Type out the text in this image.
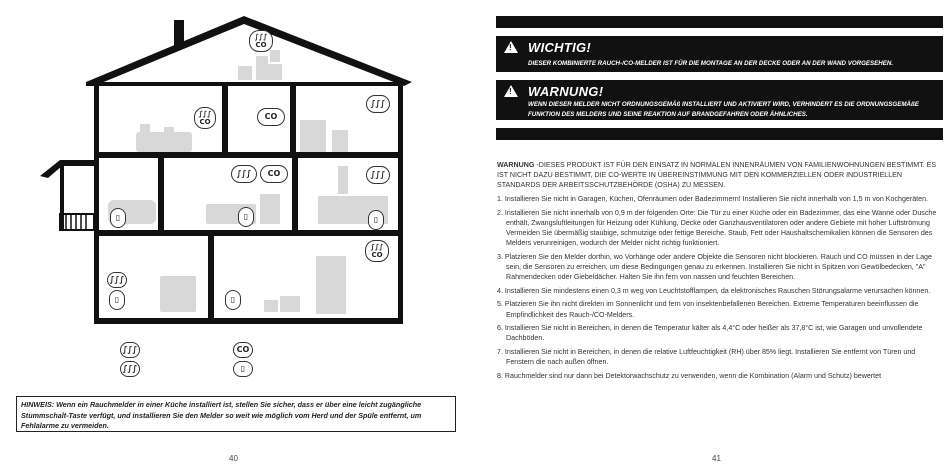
∫∫∫
CO
∫∫∫
CO
CO
∫∫∫
∫∫∫ CO	∫∫∫
▯	▯	▯
∫∫∫
CO
∫∫∫
▯	▯
∫∫∫
∫∫∫
CO
▯
HINWEIS: Wenn ein Rauchmelder in einer Küche installiert ist, stellen Sie sicher, dass er über eine leicht zugängliche Stummschalt-Taste verfügt, und installieren Sie den Melder so weit wie möglich vom Herd und der Spüle entfernt, um Fehlalarme zu vermeiden.
40
! WICHTIG!
DIESER KOMBINIERTE RAUCH-/CO-MELDER IST FÜR DIE MONTAGE AN DER DECKE ODER AN DER WAND VORGESEHEN.
! WARNUNG!
WENN DIESER MELDER NICHT ORDNUNGSGEMÄß INSTALLIERT UND AKTIVIERT WIRD, VERHINDERT ES DIE ORDNUNGSGEMÄßE FUNKTION DES MELDERS UND SEINE REAKTION AUF BRANDGEFAHREN ODER ÄHNLICHES.

WARNUNG -DIESES PRODUKT IST FÜR DEN EINSATZ IN NORMALEN INNENRÄUMEN VON FAMILIENWOHNUNGEN BESTIMMT. ES IST NICHT DAZU BESTIMMT, DIE CO-WERTE IN ÜBEREINSTIMMUNG MIT DEN KOMMERZIELLEN ODER INDUSTRIELLEN STANDARDS DER ARBEITSSCHUTZBEHÖRDE (OSHA) ZU MESSEN.

1. Installieren Sie nicht in Garagen, Küchen, Ofenräumen oder Badezimmern! Installieren Sie nicht innerhalb von 1,5 m von Kochgeräten.

2. Installieren Sie nicht innerhalb von 0,9 m der folgenden Orte: Die Tür zu einer Küche oder ein Badezimmer, das eine Wanne oder Dusche enthält, Zwangsluftleitungen für Heizung oder Kühlung, Decke oder Ganzhausventilatoren oder andere Gebiete mit hoher Luftströmung Vermeiden Sie übermäßig staubige, schmutzige oder fettige Bereiche. Staub, Fett oder Haushaltschemikalien können die Sensoren des Melders verunreinigen, wodurch der Melder nicht richtig funktioniert.

3. Platzieren Sie den Melder dorthin, wo Vorhänge oder andere Objekte die Sensoren nicht blockieren. Rauch und CO müssen in der Lage sein, die Sensoren zu erreichen, um diese Bedingungen genau zu erkennen. Installieren Sie nicht in Spitzen von Gewölbedecken, "A" Rahmendecken oder Giebeldächer. Halten Sie ihn fern von nassen und feuchten Bereichen.

4. Installieren Sie mindestens einen 0,3 m weg von Leuchtstofflampen, da elektronisches Rauschen Störungsalarme verursachen können.

5. Platzieren Sie ihn nicht direkten im Sonnenlicht und fern von insektenbefallenen Bereichen. Extreme Temperaturen beeinflussen die Empfindlichkeit des Rauch-/CO-Melders.

6. Installieren Sie nicht in Bereichen, in denen die Temperatur kälter als 4,4°C oder heißer als 37,8°C ist, wie Garagen und unvollendete Dachböden.

7. Installieren Sie nicht in Bereichen, in denen die relative Luftfeuchtigkeit (RH) über 85% liegt. Installieren Sie entfernt von Türen und Fenstern die nach außen öffnen.

8. Rauchmelder sind nur dann bei Detektorwachschutz zu verwenden, wenn die Kombination (Alarm und Schutz) bewertet

41
